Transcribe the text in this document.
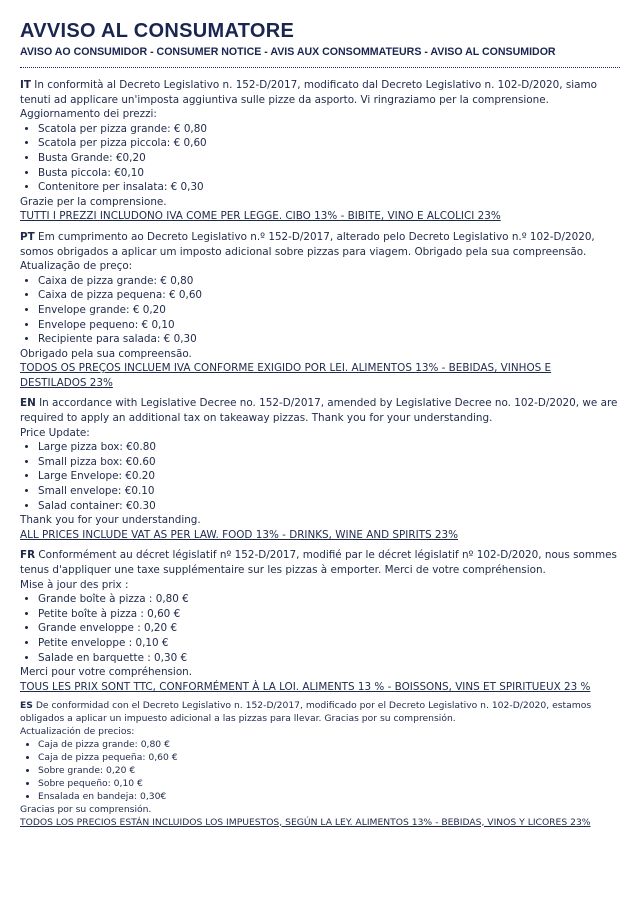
AVVISO AL CONSUMATORE
AVISO AO CONSUMIDOR - CONSUMER NOTICE - AVIS AUX CONSOMMATEURS - AVISO AL CONSUMIDOR
IT In conformità al Decreto Legislativo n. 152-D/2017, modificato dal Decreto Legislativo n. 102-D/2020, siamo tenuti ad applicare un'imposta aggiuntiva sulle pizze da asporto. Vi ringraziamo per la comprensione.
Aggiornamento dei prezzi:
• Scatola per pizza grande: € 0,80
• Scatola per pizza piccola: € 0,60
• Busta Grande: €0,20
• Busta piccola: €0,10
• Contenitore per insalata: € 0,30
Grazie per la comprensione.
TUTTI I PREZZI INCLUDONO IVA COME PER LEGGE. CIBO 13% - BIBITE, VINO E ALCOLICI 23%
PT Em cumprimento ao Decreto Legislativo n.º 152-D/2017, alterado pelo Decreto Legislativo n.º 102-D/2020, somos obrigados a aplicar um imposto adicional sobre pizzas para viagem. Obrigado pela sua compreensão.
Atualização de preço:
• Caixa de pizza grande: € 0,80
• Caixa de pizza pequena: € 0,60
• Envelope grande: € 0,20
• Envelope pequeno: € 0,10
• Recipiente para salada: € 0,30
Obrigado pela sua compreensão.
TODOS OS PREÇOS INCLUEM IVA CONFORME EXIGIDO POR LEI. ALIMENTOS 13% - BEBIDAS, VINHOS E DESTILADOS 23%
EN In accordance with Legislative Decree no. 152-D/2017, amended by Legislative Decree no. 102-D/2020, we are required to apply an additional tax on takeaway pizzas. Thank you for your understanding.
Price Update:
• Large pizza box: €0.80
• Small pizza box: €0.60
• Large Envelope: €0.20
• Small envelope: €0.10
• Salad container: €0.30
Thank you for your understanding.
ALL PRICES INCLUDE VAT AS PER LAW. FOOD 13% - DRINKS, WINE AND SPIRITS 23%
FR Conformément au décret législatif nº 152-D/2017, modifié par le décret législatif nº 102-D/2020, nous sommes tenus d'appliquer une taxe supplémentaire sur les pizzas à emporter. Merci de votre compréhension.
Mise à jour des prix :
• Grande boîte à pizza : 0,80 €
• Petite boîte à pizza : 0,60 €
• Grande enveloppe : 0,20 €
• Petite enveloppe : 0,10 €
• Salade en barquette : 0,30 €
Merci pour votre compréhension.
TOUS LES PRIX SONT TTC, CONFORMÉMENT À LA LOI. ALIMENTS 13 % - BOISSONS, VINS ET SPIRITUEUX 23 %
ES De conformidad con el Decreto Legislativo n. 152-D/2017, modificado por el Decreto Legislativo n. 102-D/2020, estamos obligados a aplicar un impuesto adicional a las pizzas para llevar. Gracias por su comprensión.
Actualización de precios:
• Caja de pizza grande: 0,80 €
• Caja de pizza pequeña: 0,60 €
• Sobre grande: 0,20 €
• Sobre pequeño: 0,10 €
• Ensalada en bandeja: 0,30€
Gracias por su comprensión.
TODOS LOS PRECIOS ESTÁN INCLUIDOS LOS IMPUESTOS, SEGÚN LA LEY. ALIMENTOS 13% - BEBIDAS, VINOS Y LICORES 23%
